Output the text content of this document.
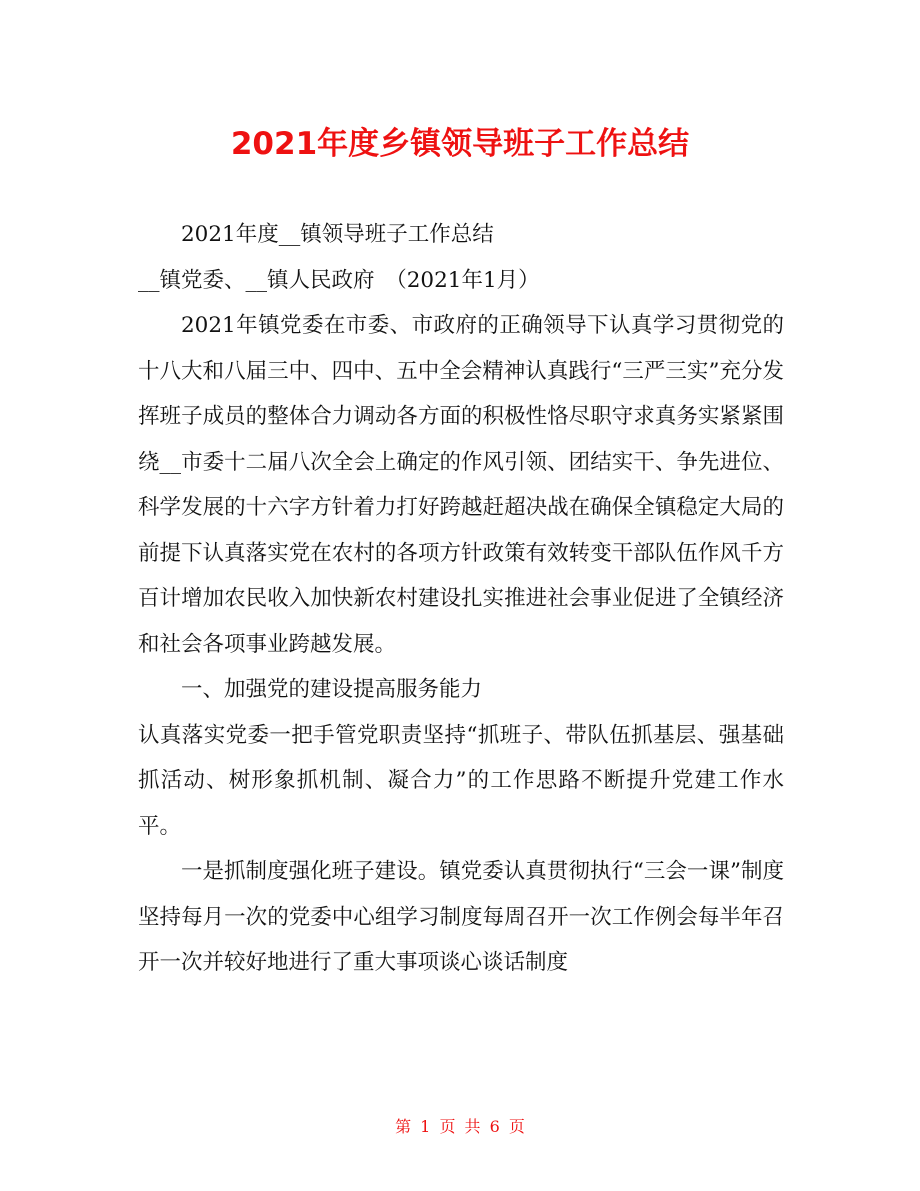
2021年度乡镇领导班子工作总结

2021年度__镇领导班子工作总结

__镇党委、__镇人民政府　（2021年1月）

2021年镇党委在市委、市政府的正确领导下认真学习贯彻党的十八大和八届三中、四中、五中全会精神认真践行“三严三实”充分发挥班子成员的整体合力调动各方面的积极性恪尽职守求真务实紧紧围绕__市委十二届八次全会上确定的作风引领、团结实干、争先进位、科学发展的十六字方针着力打好跨越赶超决战在确保全镇稳定大局的前提下认真落实党在农村的各项方针政策有效转变干部队伍作风千方百计增加农民收入加快新农村建设扎实推进社会事业促进了全镇经济和社会各项事业跨越发展。

一、加强党的建设提高服务能力

认真落实党委一把手管党职责坚持“抓班子、带队伍抓基层、强基础抓活动、树形象抓机制、凝合力”的工作思路不断提升党建工作水平。

一是抓制度强化班子建设。镇党委认真贯彻执行“三会一课”制度坚持每月一次的党委中心组学习制度每周召开一次工作例会每半年召开一次并较好地进行了重大事项谈心谈话制度

第 1 页 共 6 页
